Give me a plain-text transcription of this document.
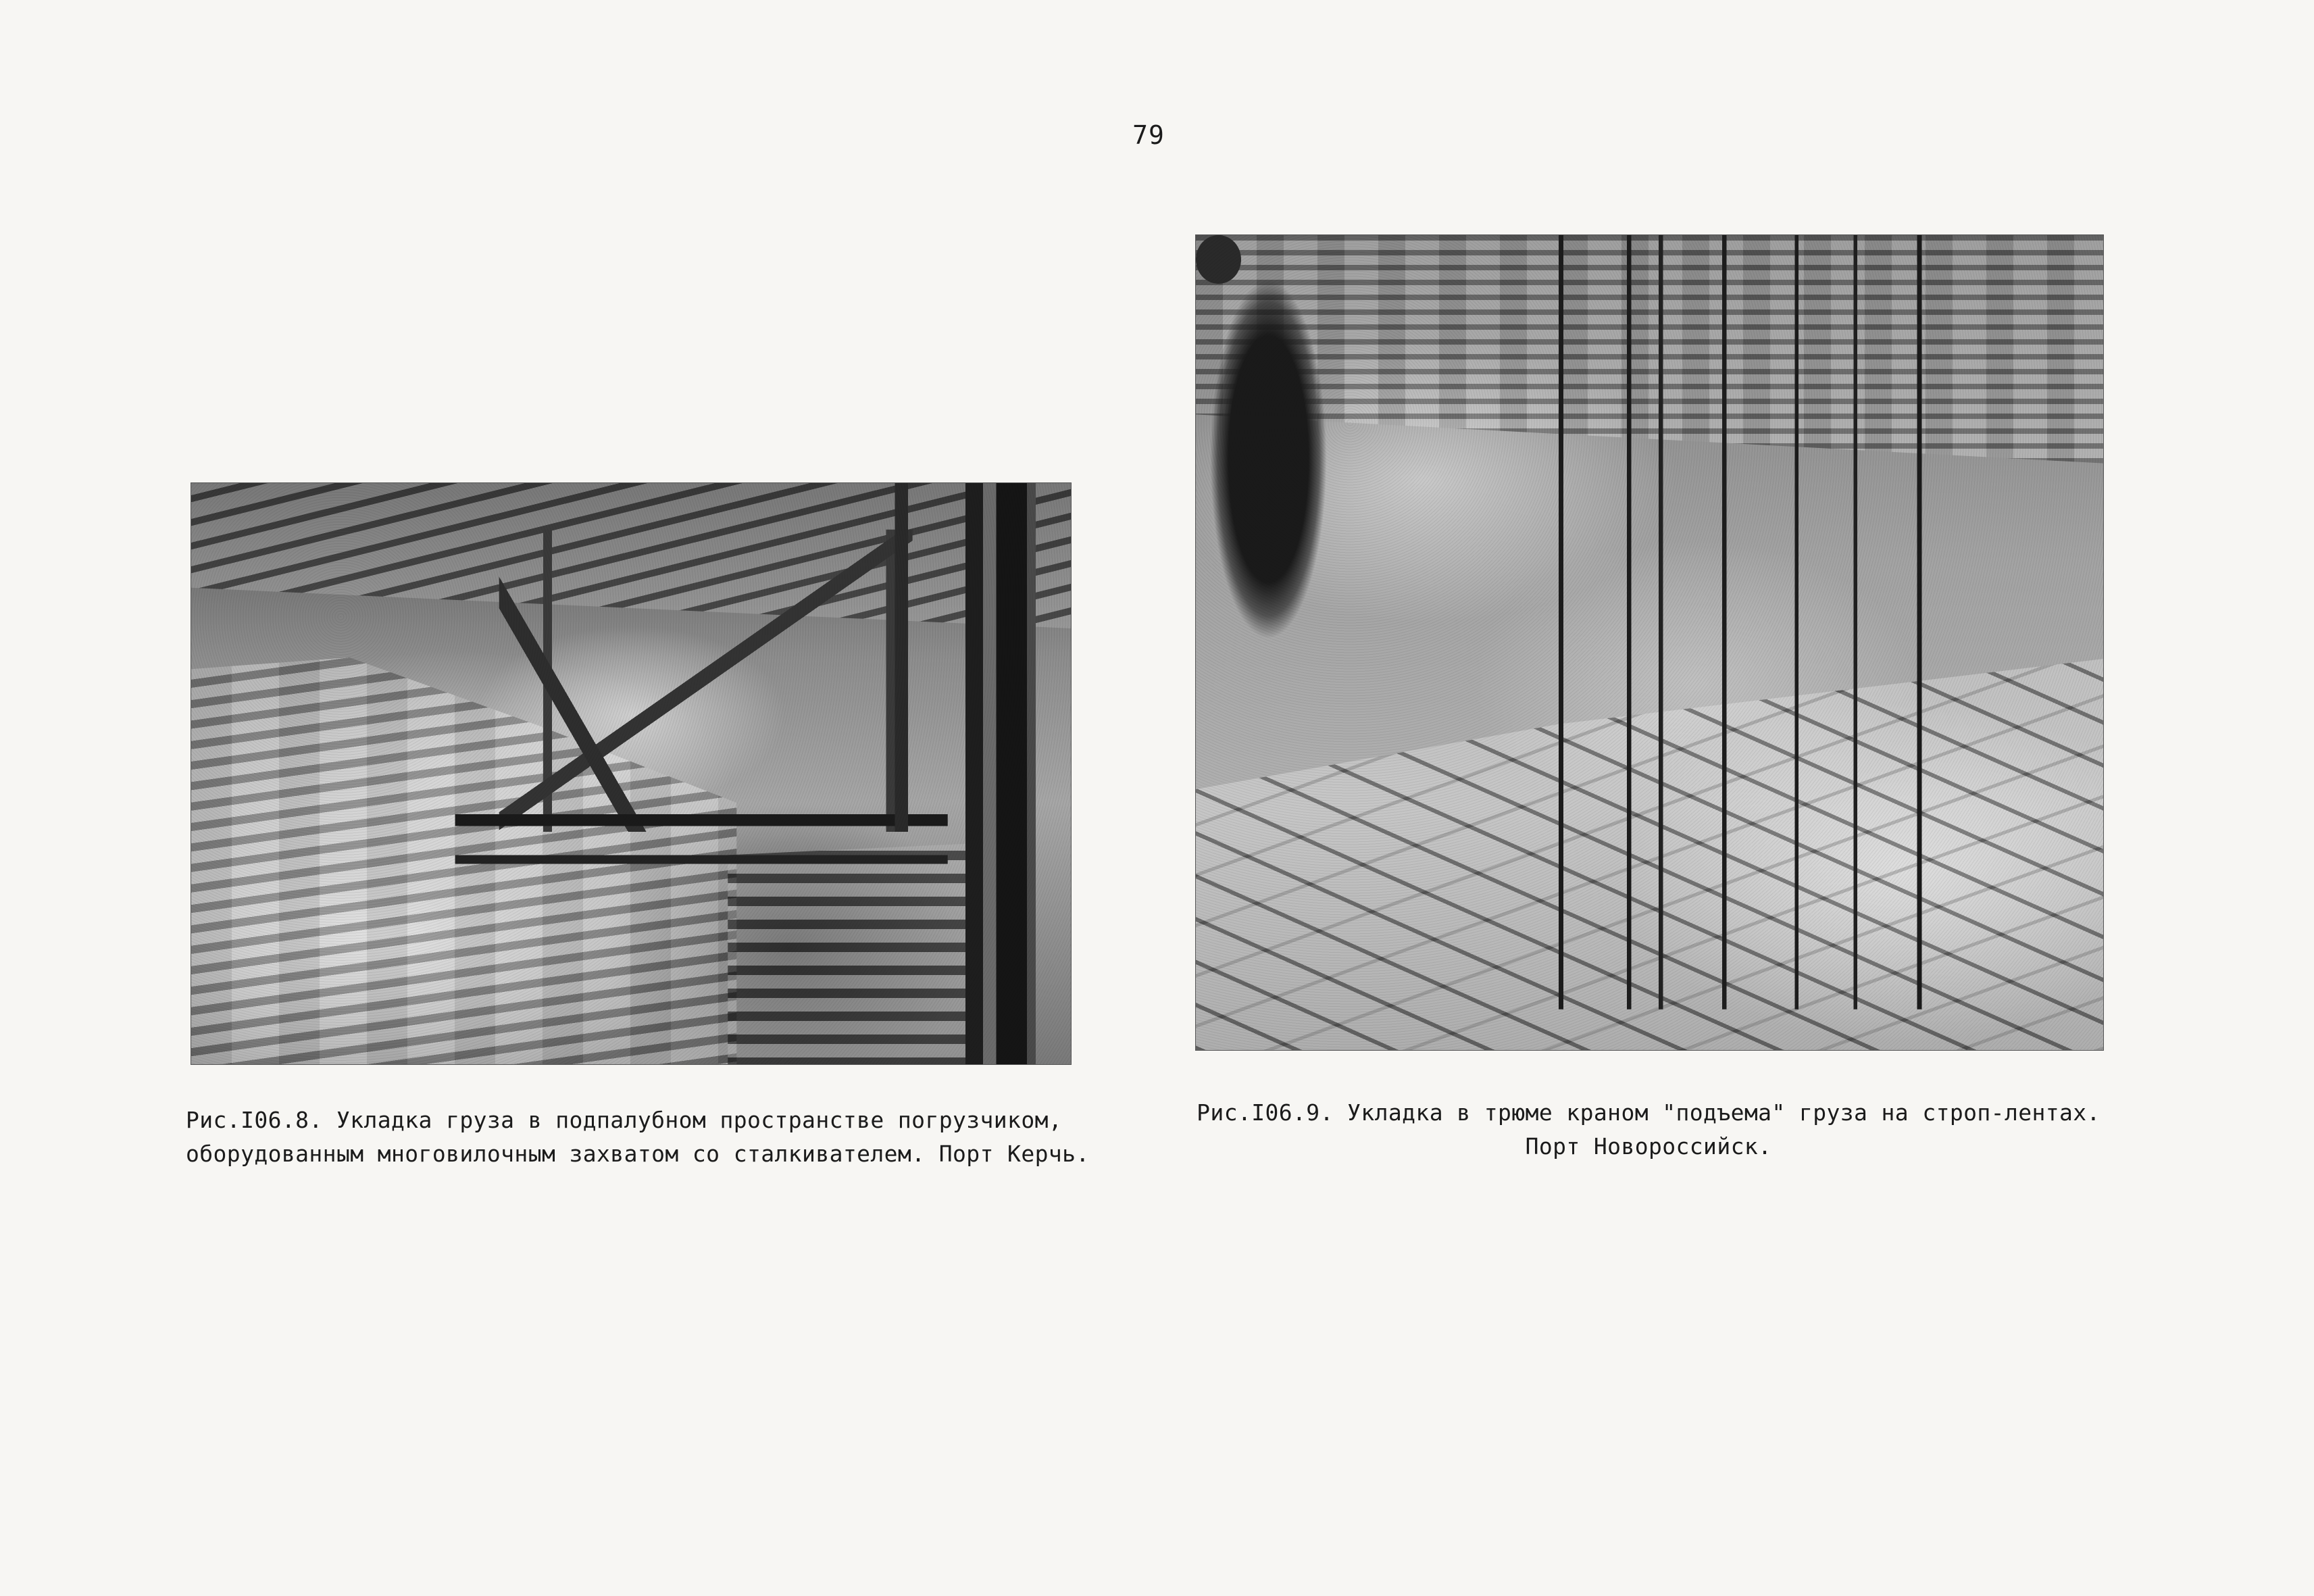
79
Рис.I06.8. Укладка груза в подпалубном пространстве погрузчиком,
оборудованным многовилочным захватом со сталкивателем. Порт Керчь.
Рис.I06.9. Укладка в трюме краном "подъема" груза на строп-лентах.
Порт Новороссийск.
